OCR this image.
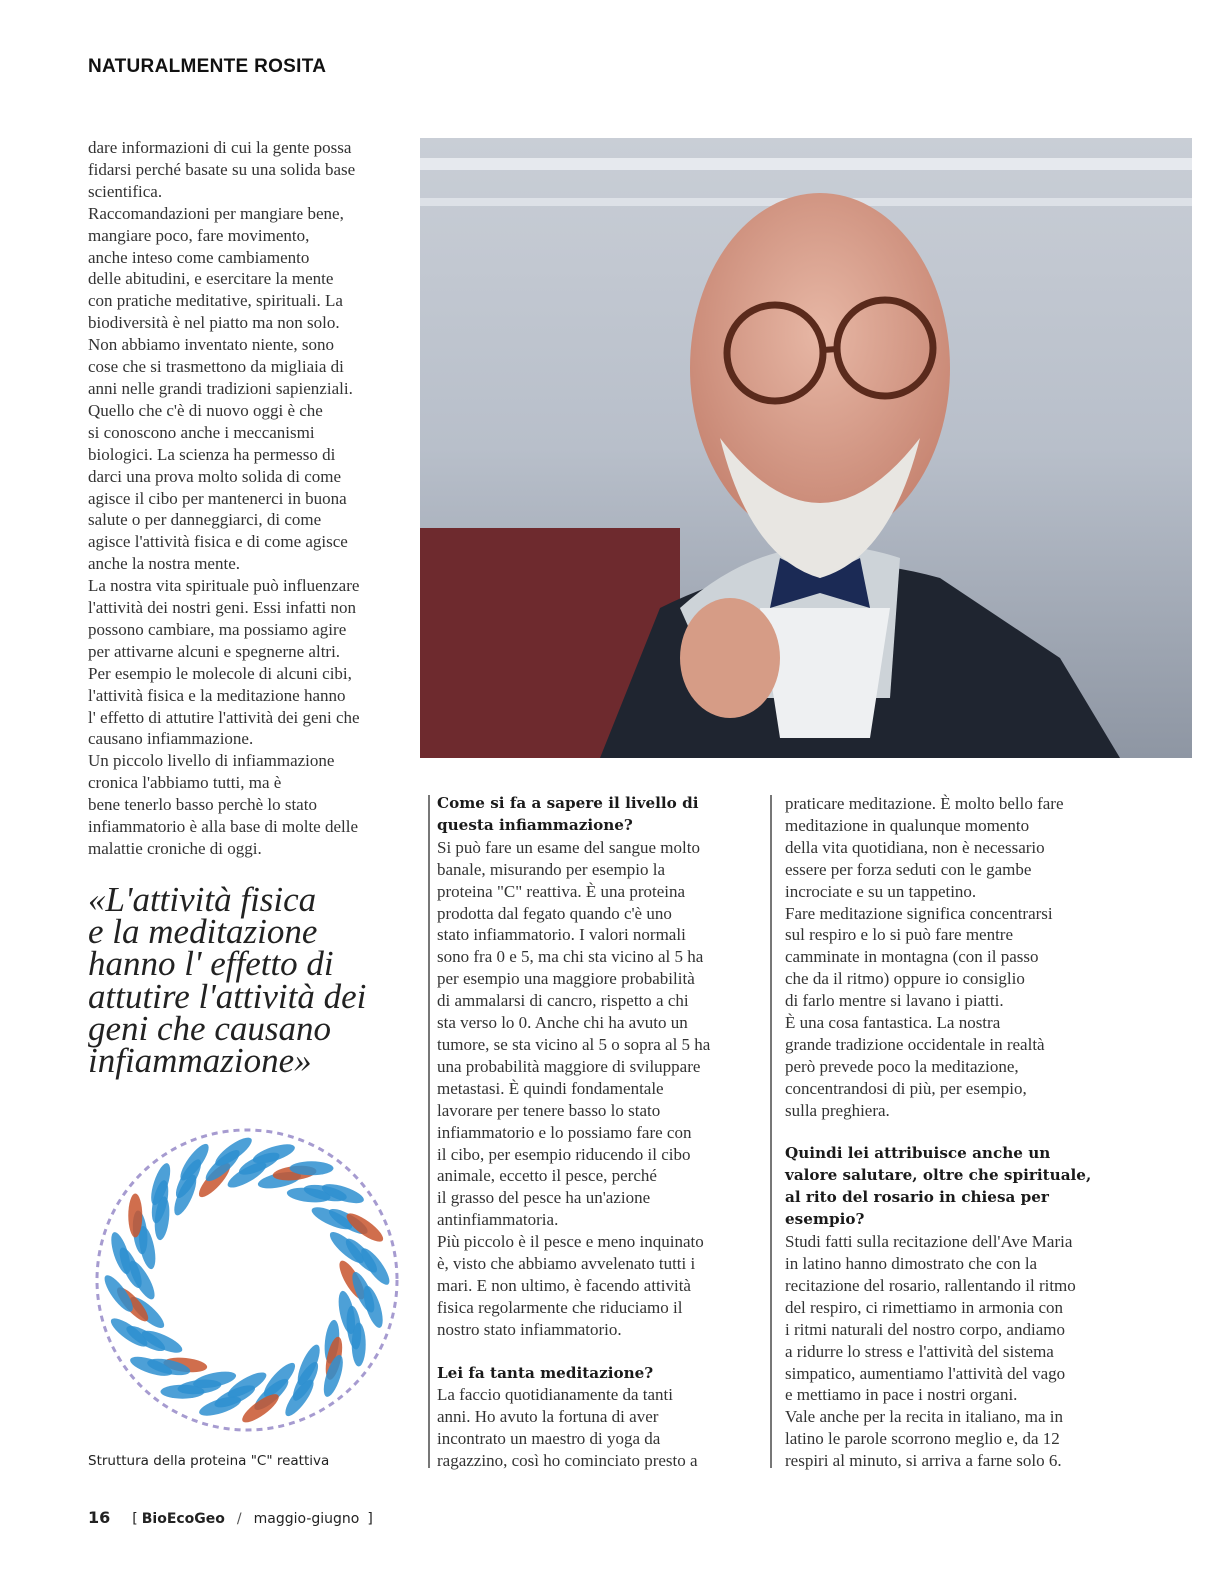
NATURALMENTE ROSITA
dare informazioni di cui la gente possa
fidarsi perché basate su una solida base
scientifica.
Raccomandazioni per mangiare bene,
mangiare poco, fare movimento,
anche inteso come cambiamento
delle abitudini, e esercitare la mente
con pratiche meditative, spirituali. La
biodiversità è nel piatto ma non solo.
Non abbiamo inventato niente, sono
cose che si trasmettono da migliaia di
anni nelle grandi tradizioni sapienziali.
Quello che c'è di nuovo oggi è che
si conoscono anche i meccanismi
biologici. La scienza ha permesso di
darci una prova molto solida di come
agisce il cibo per mantenerci in buona
salute o per danneggiarci, di come
agisce l'attività fisica e di come agisce
anche la nostra mente.
La nostra vita spirituale può influenzare
l'attività dei nostri geni. Essi infatti non
possono cambiare, ma possiamo agire
per attivarne alcuni e spegnerne altri.
Per esempio le molecole di alcuni cibi,
l'attività fisica e la meditazione hanno
l' effetto di attutire l'attività dei geni che
causano infiammazione.
Un piccolo livello di infiammazione
cronica l'abbiamo tutti, ma è
bene tenerlo basso perchè lo stato
infiammatorio è alla base di molte delle
malattie croniche di oggi.
«L'attività fisica
e la meditazione
hanno l' effetto di
attutire l'attività dei
geni che causano
infiammazione»
Struttura della proteina "C" reattiva
Come si fa a sapere il livello di
questa infiammazione?
Si può fare un esame del sangue molto
banale, misurando per esempio la
proteina "C" reattiva. È una proteina
prodotta dal fegato quando c'è uno
stato infiammatorio. I valori normali
sono fra 0 e 5, ma chi sta vicino al 5 ha
per esempio una maggiore probabilità
di ammalarsi di cancro, rispetto a chi
sta verso lo 0. Anche chi ha avuto un
tumore, se sta vicino al 5 o sopra al 5 ha
una probabilità maggiore di sviluppare
metastasi. È quindi fondamentale
lavorare per tenere basso lo stato
infiammatorio e lo possiamo fare con
il cibo, per esempio riducendo il cibo
animale, eccetto il pesce, perché
il grasso del pesce ha un'azione
antinfiammatoria.
Più piccolo è il pesce e meno inquinato
è, visto che abbiamo avvelenato tutti i
mari. E non ultimo, è facendo attività
fisica regolarmente che riduciamo il
nostro stato infiammatorio.
Lei fa tanta meditazione?
La faccio quotidianamente da tanti
anni. Ho avuto la fortuna di aver
incontrato un maestro di yoga da
ragazzino, così ho cominciato presto a
praticare meditazione. È molto bello fare
meditazione in qualunque momento
della vita quotidiana, non è necessario
essere per forza seduti con le gambe
incrociate e su un tappetino.
Fare meditazione significa concentrarsi
sul respiro e lo si può fare mentre
camminate in montagna (con il passo
che da il ritmo) oppure io consiglio
di farlo mentre si lavano i piatti.
È una cosa fantastica. La nostra
grande tradizione occidentale in realtà
però prevede poco la meditazione,
concentrandosi di più, per esempio,
sulla preghiera.
Quindi lei attribuisce anche un
valore salutare, oltre che spirituale,
al rito del rosario in chiesa per
esempio?
Studi fatti sulla recitazione dell'Ave Maria
in latino hanno dimostrato che con la
recitazione del rosario, rallentando il ritmo
del respiro, ci rimettiamo in armonia con
i ritmi naturali del nostro corpo, andiamo
a ridurre lo stress e l'attività del sistema
simpatico, aumentiamo l'attività del vago
e mettiamo in pace i nostri organi.
Vale anche per la recita in italiano, ma in
latino le parole scorrono meglio e, da 12
respiri al minuto, si arriva a farne solo 6.
16 [ BioEcoGeo / maggio-giugno ]
